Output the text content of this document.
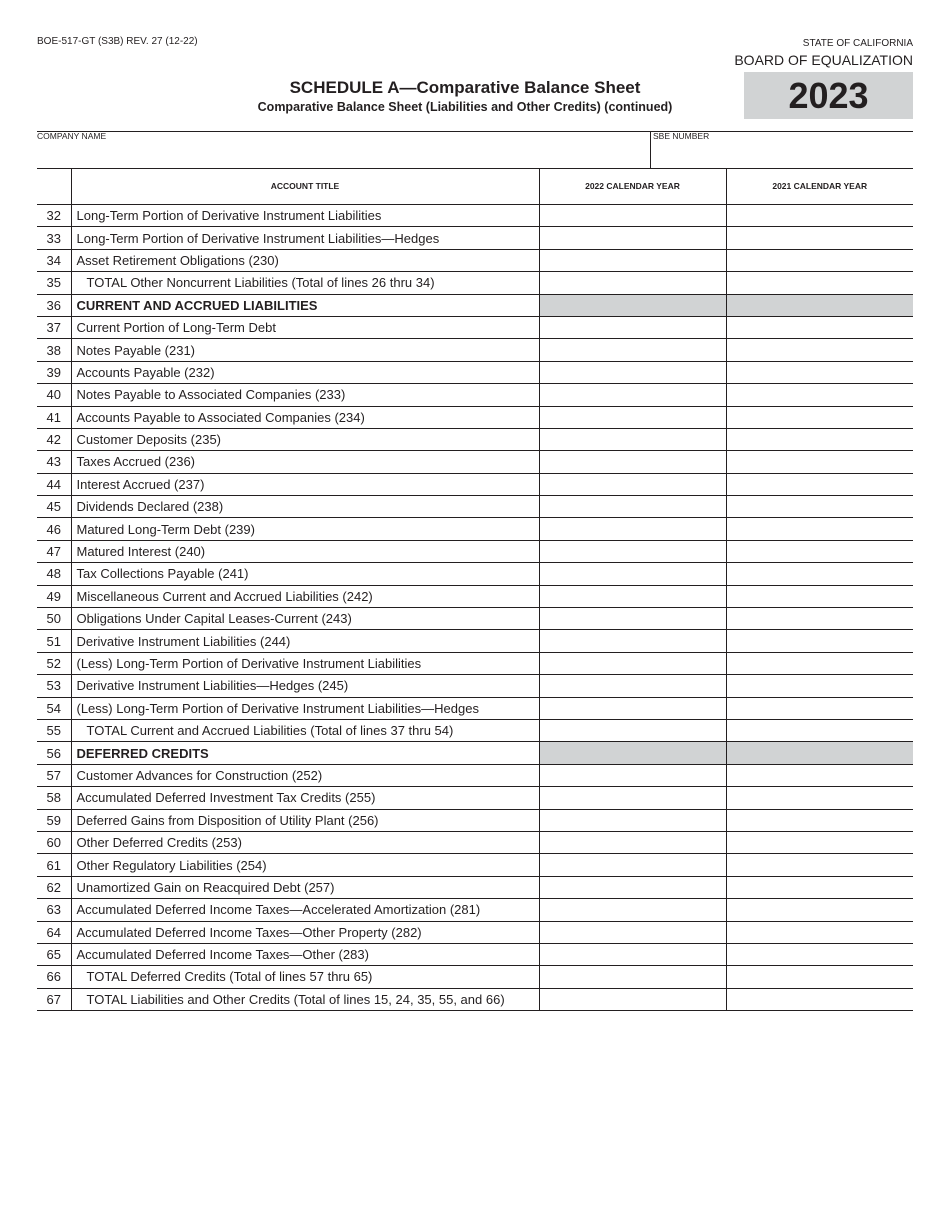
BOE-517-GT (S3B) REV. 27 (12-22)	STATE OF CALIFORNIA
BOARD OF EQUALIZATION
SCHEDULE A—Comparative Balance Sheet
Comparative Balance Sheet (Liabilities and Other Credits) (continued)	2023
COMPANY NAME	SBE NUMBER
	ACCOUNT TITLE	2022 CALENDAR YEAR	2021 CALENDAR YEAR
32	Long-Term Portion of Derivative Instrument Liabilities		
33	Long-Term Portion of Derivative Instrument Liabilities—Hedges		
34	Asset Retirement Obligations (230)		
35	TOTAL Other Noncurrent Liabilities (Total of lines 26 thru 34)		
36	CURRENT AND ACCRUED LIABILITIES		
37	Current Portion of Long-Term Debt		
38	Notes Payable (231)		
39	Accounts Payable (232)		
40	Notes Payable to Associated Companies (233)		
41	Accounts Payable to Associated Companies (234)		
42	Customer Deposits (235)		
43	Taxes Accrued (236)		
44	Interest Accrued (237)		
45	Dividends Declared (238)		
46	Matured Long-Term Debt (239)		
47	Matured Interest (240)		
48	Tax Collections Payable (241)		
49	Miscellaneous Current and Accrued Liabilities (242)		
50	Obligations Under Capital Leases-Current (243)		
51	Derivative Instrument Liabilities (244)		
52	(Less) Long-Term Portion of Derivative Instrument Liabilities		
53	Derivative Instrument Liabilities—Hedges (245)		
54	(Less) Long-Term Portion of Derivative Instrument Liabilities—Hedges		
55	TOTAL Current and Accrued Liabilities (Total of lines 37 thru 54)		
56	DEFERRED CREDITS		
57	Customer Advances for Construction (252)		
58	Accumulated Deferred Investment Tax Credits (255)		
59	Deferred Gains from Disposition of Utility Plant (256)		
60	Other Deferred Credits (253)		
61	Other Regulatory Liabilities (254)		
62	Unamortized Gain on Reacquired Debt (257)		
63	Accumulated Deferred Income Taxes—Accelerated Amortization (281)		
64	Accumulated Deferred Income Taxes—Other Property (282)		
65	Accumulated Deferred Income Taxes—Other (283)		
66	TOTAL Deferred Credits (Total of lines 57 thru 65)		
67	TOTAL Liabilities and Other Credits (Total of lines 15, 24, 35, 55, and 66)		
